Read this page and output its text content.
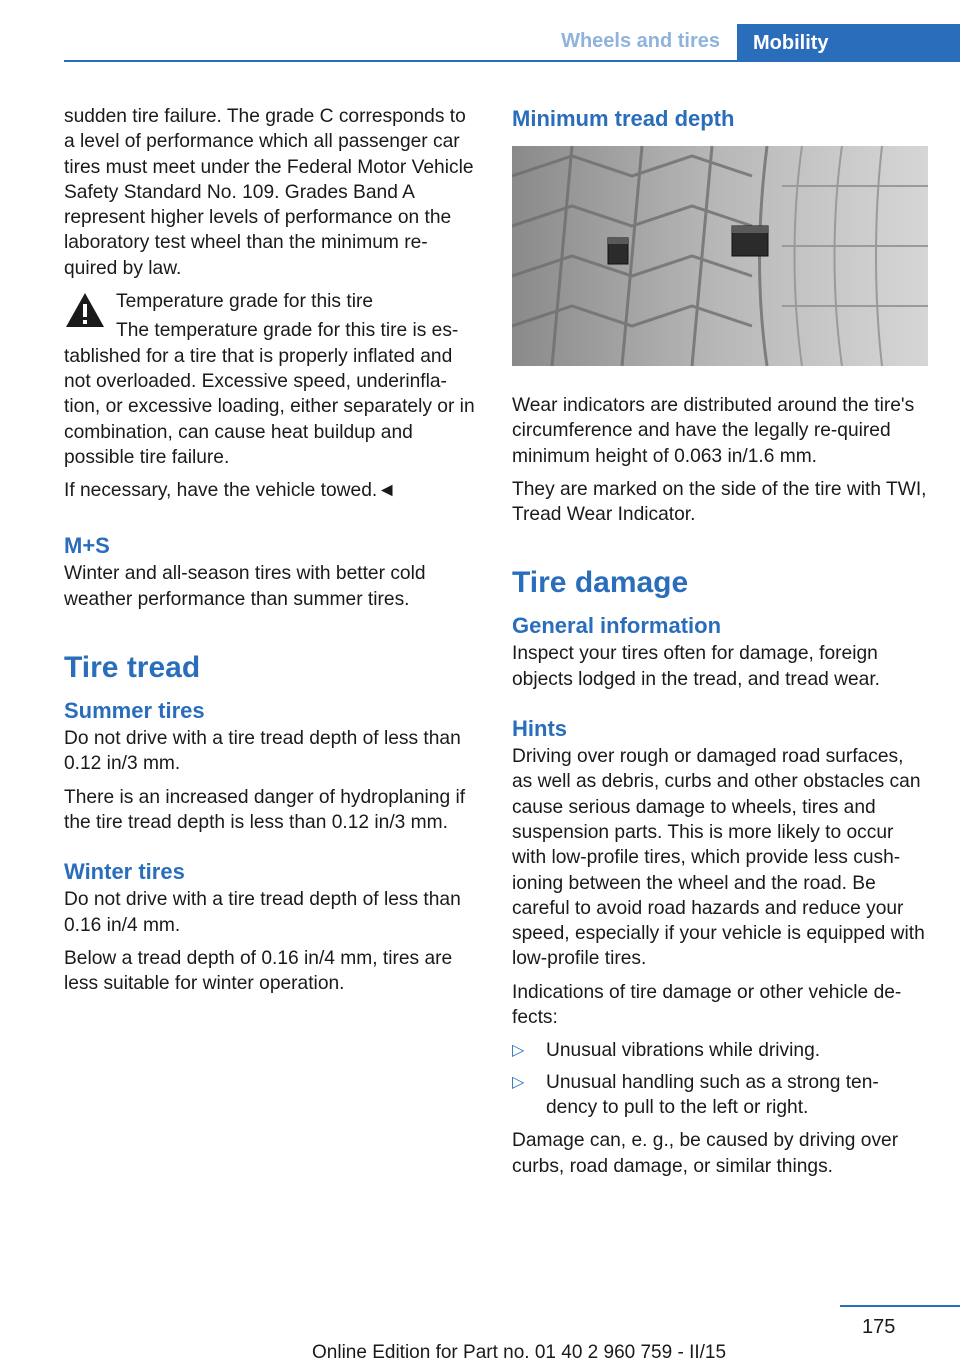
Wheels and tires	Mobility

sudden tire failure. The grade C corresponds to a level of performance which all passenger car tires must meet under the Federal Motor Vehicle Safety Standard No. 109. Grades Band A represent higher levels of performance on the laboratory test wheel than the minimum re-quired by law.

Temperature grade for this tire

The temperature grade for this tire is es-tablished for a tire that is properly inflated and not overloaded. Excessive speed, underinfla-tion, or excessive loading, either separately or in combination, can cause heat buildup and possible tire failure.

If necessary, have the vehicle towed.◄

M+S

Winter and all-season tires with better cold weather performance than summer tires.

Tire tread
Summer tires

Do not drive with a tire tread depth of less than 0.12 in/3 mm.

There is an increased danger of hydroplaning if the tire tread depth is less than 0.12 in/3 mm.

Winter tires

Do not drive with a tire tread depth of less than 0.16 in/4 mm.

Below a tread depth of 0.16 in/4 mm, tires are less suitable for winter operation.

Minimum tread depth

Wear indicators are distributed around the tire's circumference and have the legally re-quired minimum height of 0.063 in/1.6 mm.

They are marked on the side of the tire with TWI, Tread Wear Indicator.

Tire damage
General information

Inspect your tires often for damage, foreign objects lodged in the tread, and tread wear.

Hints

Driving over rough or damaged road surfaces, as well as debris, curbs and other obstacles can cause serious damage to wheels, tires and suspension parts. This is more likely to occur with low-profile tires, which provide less cush-ioning between the wheel and the road. Be careful to avoid road hazards and reduce your speed, especially if your vehicle is equipped with low-profile tires.

Indications of tire damage or other vehicle de-fects:

▷ Unusual vibrations while driving.
▷ Unusual handling such as a strong ten-dency to pull to the left or right.

Damage can, e. g., be caused by driving over curbs, road damage, or similar things.

175
Online Edition for Part no. 01 40 2 960 759 - II/15
